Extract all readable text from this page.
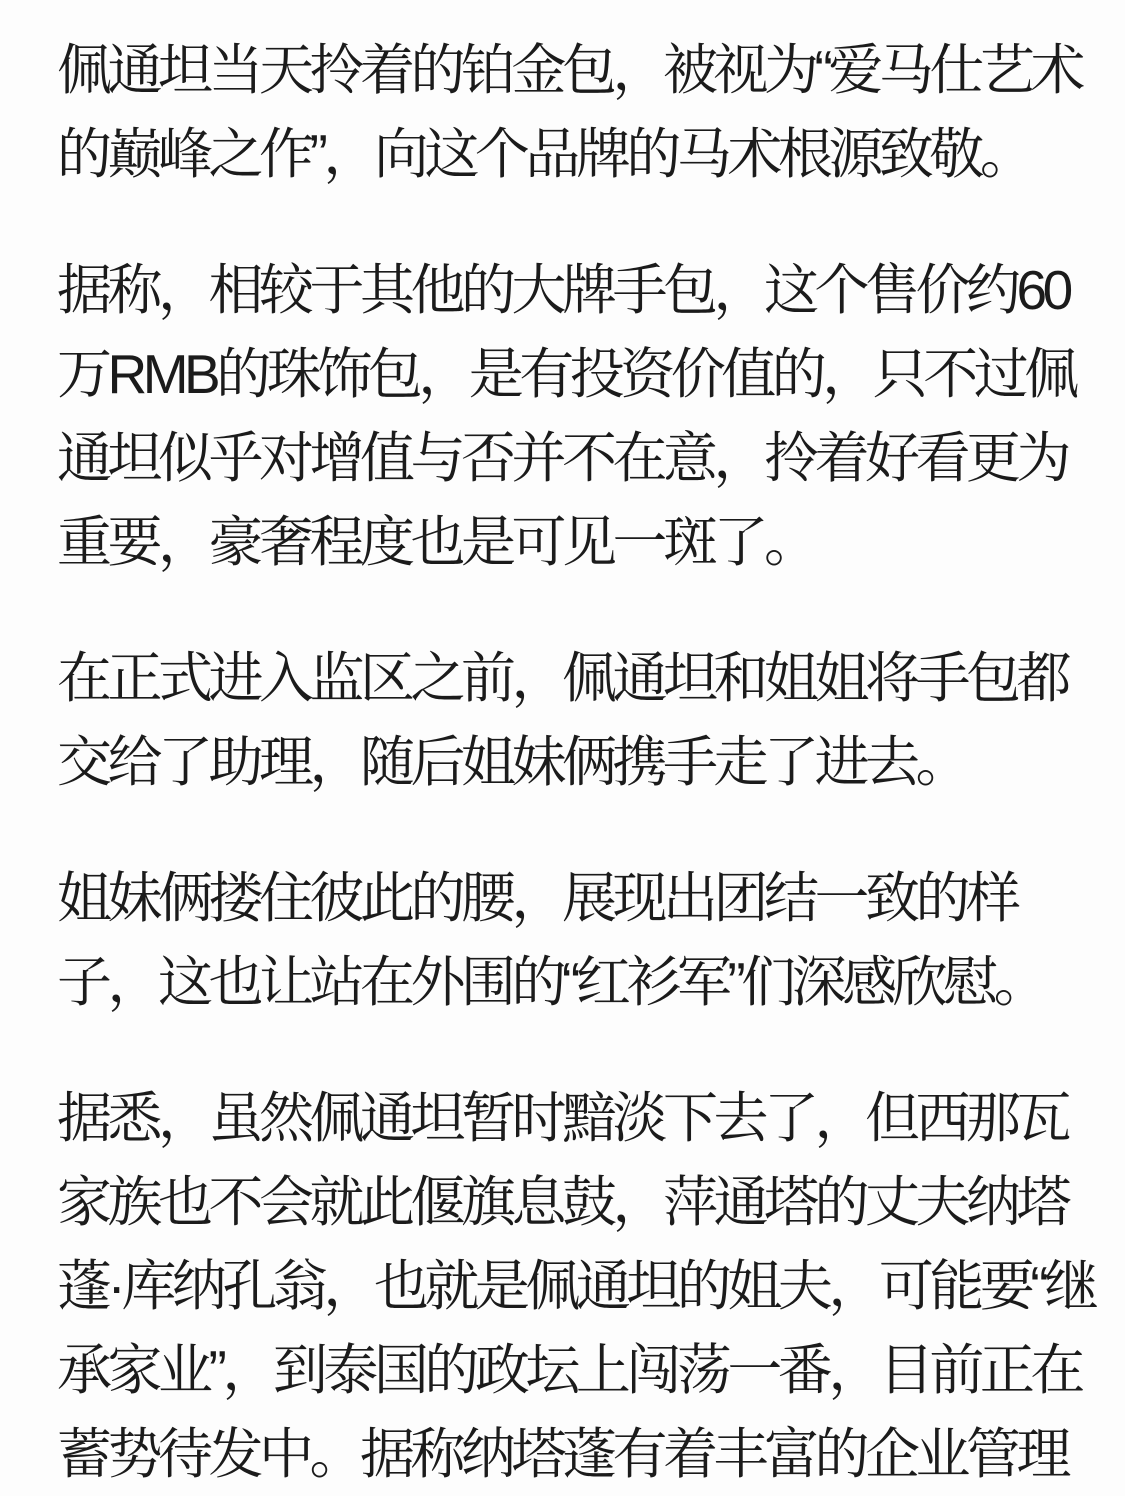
佩通坦当天拎着的铂金包，被视为“爱马仕艺术
的巅峰之作”，向这个品牌的马术根源致敬。
据称，相较于其他的大牌手包，这个售价约60
万RMB的珠饰包，是有投资价值的，只不过佩
通坦似乎对增值与否并不在意，拎着好看更为
重要，豪奢程度也是可见一斑了。
在正式进入监区之前，佩通坦和姐姐将手包都
交给了助理，随后姐妹俩携手走了进去。
姐妹俩搂住彼此的腰，展现出团结一致的样
子，这也让站在外围的“红衫军”们深感欣慰。
据悉，虽然佩通坦暂时黯淡下去了，但西那瓦
家族也不会就此偃旗息鼓，萍通塔的丈夫纳塔
蓬·库纳孔翁，也就是佩通坦的姐夫，可能要“继
承家业”，到泰国的政坛上闯荡一番，目前正在
蓄势待发中。据称纳塔蓬有着丰富的企业管理
